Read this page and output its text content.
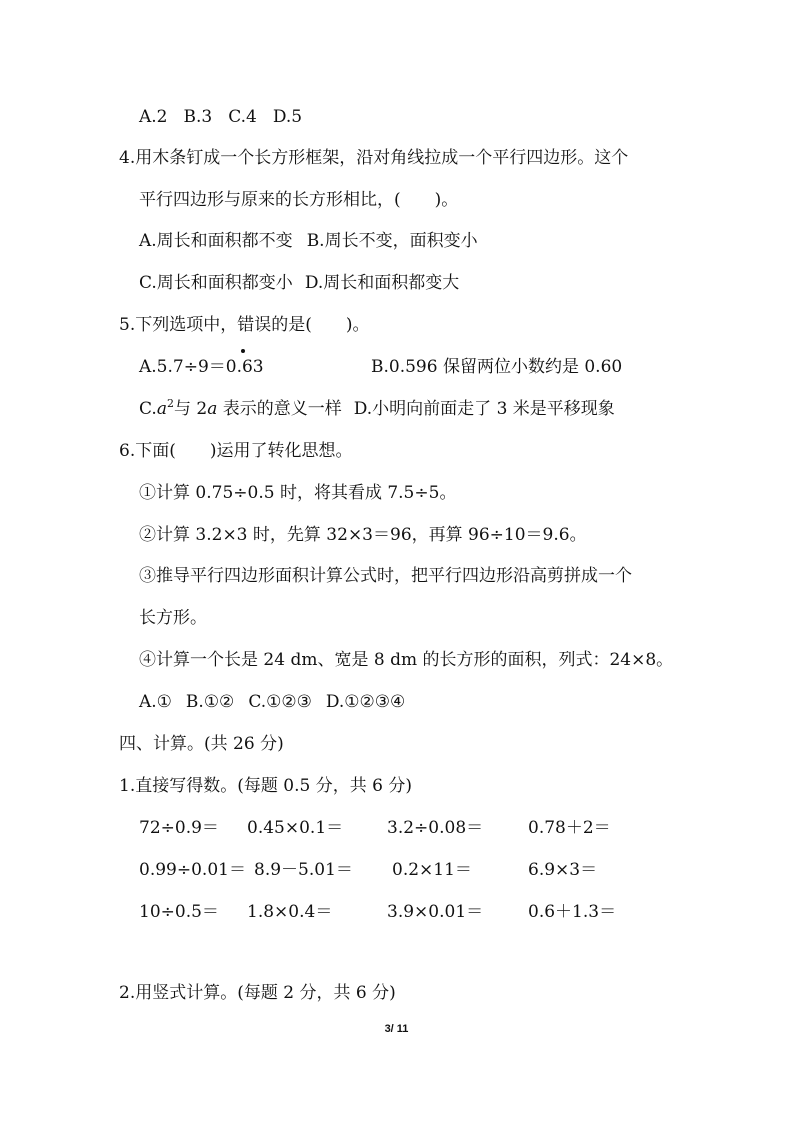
A.2 B.3 C.4 D.5
4.用木条钉成一个长方形框架，沿对角线拉成一个平行四边形。这个
平行四边形与原来的长方形相比，(　　)。
A.周长和面积都不变 B.周长不变，面积变小
C.周长和面积都变小 D.周长和面积都变大
5.下列选项中，错误的是(　　)。
A.5.7÷9＝0.63	B.0.596 保留两位小数约是 0.60
$C.a^2$与 2a 表示的意义一样 D.小明向前面走了 3 米是平移现象
6.下面(　　)运用了转化思想。
①计算 0.75÷0.5 时，将其看成 7.5÷5。
②计算 3.2×3 时，先算 32×3＝96，再算 96÷10＝9.6。
③推导平行四边形面积计算公式时，把平行四边形沿高剪拼成一个
长方形。
④计算一个长是 24 dm、宽是 8 dm 的长方形的面积，列式：24×8。
A.① B.①② C.①②③ D.①②③④
四、计算。(共 26 分)
1.直接写得数。(每题 0.5 分，共 6 分)
72÷0.9＝ 0.45×0.1＝	3.2÷0.08＝	0.78＋2＝
0.99÷0.01＝ 8.9－5.01＝ 0.2×11＝	6.9×3＝
10÷0.5＝ 1.8×0.4＝	3.9×0.01＝	0.6＋1.3＝
2.用竖式计算。(每题 2 分，共 6 分)
3/ 11
